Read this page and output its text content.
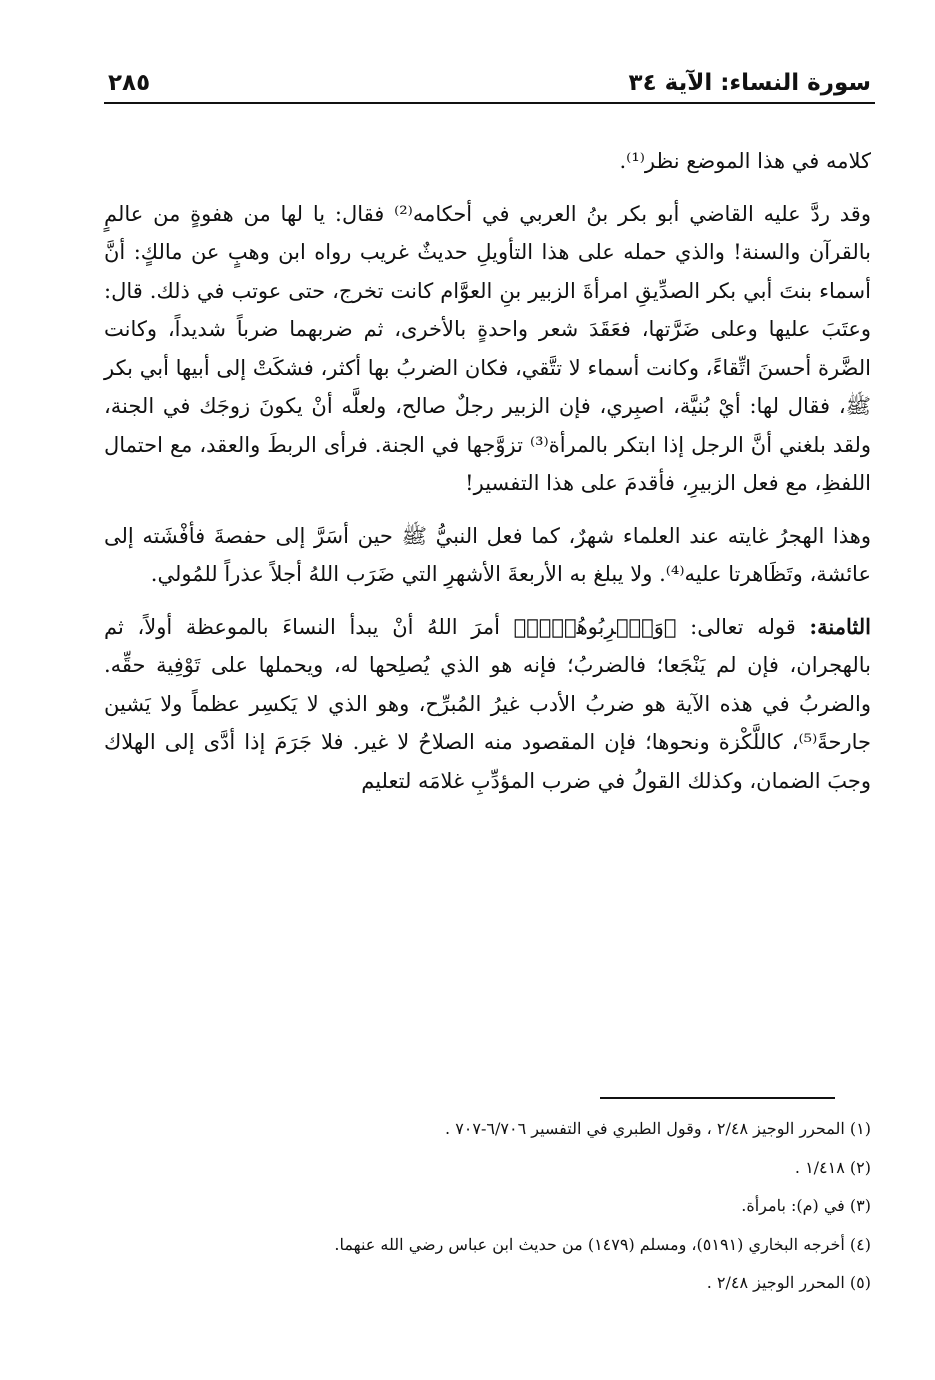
سورة النساء: الآية ٣٤
٢٨٥

كلامه في هذا الموضع نظر⁽¹⁾.

وقد ردَّ عليه القاضي أبو بكر بنُ العربي في أحكامه⁽²⁾ فقال: يا لها من هفوةٍ من عالمٍ بالقرآن والسنة! والذي حمله على هذا التأويلِ حديثٌ غريب رواه ابن وهبٍ عن مالكٍ: أنَّ أسماء بنتَ أبي بكر الصدِّيقِ امرأةَ الزبير بنِ العوَّام كانت تخرج، حتى عوتب في ذلك. قال: وعتَبَ عليها وعلى ضَرَّتها، فعَقَدَ شعر واحدةٍ بالأخرى، ثم ضربهما ضرباً شديداً، وكانت الضَّرة أحسنَ اتِّقاءً، وكانت أسماء لا تتَّقي، فكان الضربُ بها أكثر، فشكَتْ إلى أبيها أبي بكر ﷺ، فقال لها: أيْ بُنيَّة، اصبِري، فإن الزبير رجلٌ صالح، ولعلَّه أنْ يكونَ زوجَك في الجنة، ولقد بلغني أنَّ الرجل إذا ابتكر بالمرأة⁽³⁾ تزوَّجها في الجنة. فرأى الربطَ والعقد، مع احتمال اللفظِ، مع فعل الزبيرِ، فأقدمَ على هذا التفسير!

وهذا الهجرُ غايته عند العلماء شهرٌ، كما فعل النبيُّ ﷺ حين أسَرَّ إلى حفصةَ فأفْشَته إلى عائشة، وتَظَاهرتا عليه⁽⁴⁾. ولا يبلغ به الأربعةَ الأشهرِ التي ضَرَب اللهُ أجلاً عذراً للمُولي.

الثامنة: قوله تعالى: ﴿وَٱضۡرِبُوهُنَّۖ﴾ أمرَ اللهُ أنْ يبدأ النساءَ بالموعظة أولاً، ثم بالهجران، فإن لم يَنْجَعا؛ فالضربُ؛ فإنه هو الذي يُصلِحها له، ويحملها على تَوْفِية حقِّه. والضربُ في هذه الآية هو ضربُ الأدب غيرُ المُبرِّح، وهو الذي لا يَكسِر عظماً ولا يَشين جارحةً⁽⁵⁾، كاللَّكْزة ونحوها؛ فإن المقصود منه الصلاحُ لا غير. فلا جَرَمَ إذا أدَّى إلى الهلاك وجبَ الضمان، وكذلك القولُ في ضرب المؤدِّبِ غلامَه لتعليم

(١) المحرر الوجيز ٢/٤٨ ، وقول الطبري في التفسير ٦/٧٠٦-٧٠٧ .
(٢) ١/٤١٨ .
(٣) في (م): بامرأة.
(٤) أخرجه البخاري (٥١٩١)، ومسلم (١٤٧٩) من حديث ابن عباس رضي الله عنهما.
(٥) المحرر الوجيز ٢/٤٨ .
